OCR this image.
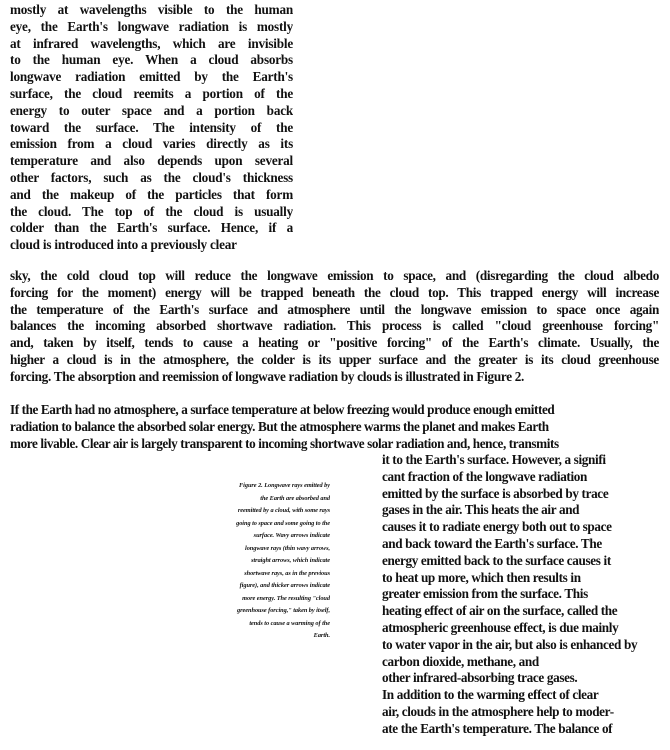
mostly at wavelengths visible to the human
eye, the Earth's longwave radiation is mostly
at infrared wavelengths, which are invisible
to the human eye. When a cloud absorbs
longwave radiation emitted by the Earth's
surface, the cloud reemits a portion of the
energy to outer space and a portion back
toward the surface. The intensity of the
emission from a cloud varies directly as its
temperature and also depends upon several
other factors, such as the cloud's thickness
and the makeup of the particles that form
the cloud. The top of the cloud is usually
colder than the Earth's surface. Hence, if a
cloud is introduced into a previously clear
sky, the cold cloud top will reduce the longwave emission to space, and (disregarding the cloud albedo
forcing for the moment) energy will be trapped beneath the cloud top. This trapped energy will increase
the temperature of the Earth's surface and atmosphere until the longwave emission to space once again
balances the incoming absorbed shortwave radiation. This process is called "cloud greenhouse forcing"
and, taken by itself, tends to cause a heating or "positive forcing" of the Earth's climate. Usually, the
higher a cloud is in the atmosphere, the colder is its upper surface and the greater is its cloud greenhouse
forcing. The absorption and reemission of longwave radiation by clouds is illustrated in Figure 2.
If the Earth had no atmosphere, a surface temperature at below freezing would produce enough emitted
radiation to balance the absorbed solar energy. But the atmosphere warms the planet and makes Earth
more livable. Clear air is largely transparent to incoming shortwave solar radiation and, hence, transmits
Figure 2. Longwave rays emitted by
the Earth are absorbed and
reemitted by a cloud, with some rays
going to space and some going to the
surface. Wavy arrows indicate
longwave rays (thin wavy arrows,
straight arrows, which indicate
shortwave rays, as in the previous
figure), and thicker arrows indicate
more energy. The resulting "cloud
greenhouse forcing," taken by itself,
tends to cause a warming of the
Earth.
it to the Earth's surface. However, a signifi
cant fraction of the longwave radiation
emitted by the surface is absorbed by trace
gases in the air. This heats the air and
causes it to radiate energy both out to space
and back toward the Earth's surface. The
energy emitted back to the surface causes it
to heat up more, which then results in
greater emission from the surface. This
heating effect of air on the surface, called the
atmospheric greenhouse effect, is due mainly
to water vapor in the air, but also is enhanced by
carbon dioxide, methane, and
other infrared-absorbing trace gases.
In addition to the warming effect of clear
air, clouds in the atmosphere help to moder-
ate the Earth's temperature. The balance of
